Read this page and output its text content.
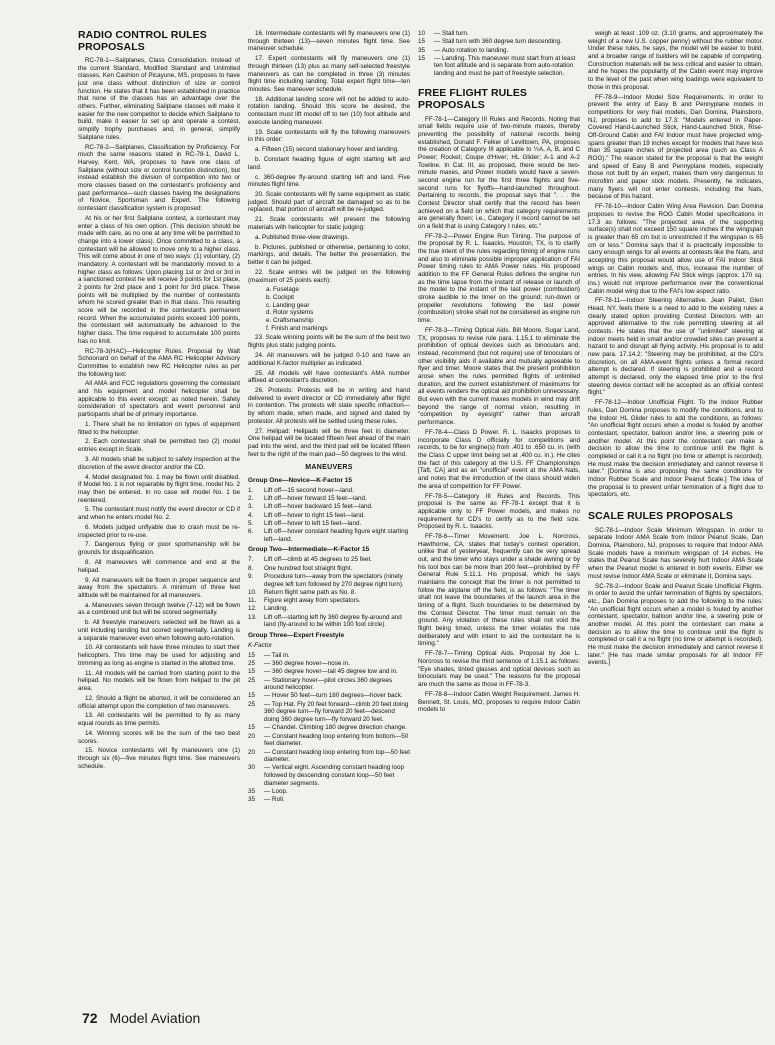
RADIO CONTROL RULES PROPOSALS

RC-78-1—Sailplanes, Class Consolidation. Instead of the current Standard, Modified Standard and Unlimited classes, Ken Cashion of Picayune, MS, proposes to have just one class without distinction of size or control function. He states that it has been established in practice that none of the classes has an advantage over the others. Further, eliminating Sailplane classes will make it easier for the new competitor to decide which Sailplane to build, make it easier to set up and operate a contest, simplify trophy purchases and, in general, simplify Sailplane rules.

RC-78-2—Sailplanes, Classification by Proficiency. For much the same reasons stated in RC-78-1, David L. Harvey, Kent, WA, proposes to have one class of Sailplane (without size or control function distinction), but instead establish the division of competition into two or more classes based on the contestant's proficiency and past performance—such classes having the designations of Novice, Sportsman and Expert. The following contestant classification system is proposed:

At his or her first Sailplane contest, a contestant may enter a class of his own option. (This decision should be made with care, as no one at any time will be permitted to change into a lower class). Once committed to a class, a contestant will be allowed to move only to a higher class. This will come about in one of two ways: (1) voluntary, (2) mandatory. A contestant will be mandatorily moved to a higher class as follows: Upon placing 1st or 2nd or 3rd in a sanctioned contest he will receive 3 points for 1st place, 2 points for 2nd place and 1 point for 3rd place. These points will be multiplied by the number of contestants whom he scored greater than in that class. This resulting score will be recorded in the contestant's permanent record. When the accumulated points exceed 100 points, the contestant will automatically be advanced to the higher class. The time required to accumulate 100 points has no limit.

RC-78-3(HAC)—Helicopter Rules. Proposal by Walt Schoonard on behalf of the AMA RC Helicopter Advisory Committee to establish new RC Helicopter rules as per the following text:

All AMA and FCC regulations governing the contestant and his equipment and model helicopter shall be applicable to this event except: as noted herein. Safety consideration of spectators and event personnel and participants shall be of primary importance.

1. There shall be no limitation on types of equipment fitted to the helicopter.

2. Each contestant shall be permitted two (2) model entries except in Scale.

3. All models shall be subject to safety inspection at the discretion of the event director and/or the CD.

4. Model designated No. 1 may be flown until disabled. If Model No. 1 is not repairable by flight time, model No. 2 may then be entered. In no case will model No. 1 be reentered.

5. The contestant must notify the event director or CD if and when he enters model No. 2.

6. Models judged unflyable due to crash must be re-inspected prior to re-use.

7. Dangerous flying or poor sportsmanship will be grounds for disqualification.

8. All maneuvers will commence and end at the helipad.

9. All maneuvers will be flown in proper sequence and away from the spectators. A minimum of three feet altitude will be maintained for all maneuvers.

a. Maneuvers seven through twelve (7-12) will be flown as a combined unit but will be scored segmentally.

b. All freestyle maneuvers selected will be flown as a unit including landing but scored segmentally. Landing is a separate maneuver even when following auto-rotation.

10. All contestants will have three minutes to start their helicopters. This time may be used for adjusting and trimming as long as engine is started in the allotted time.

11. All models will be carried from starting point to the helipad. No models will be flown from helipad to the pit area.

12. Should a flight be aborted, it will be considered an official attempt upon the completion of two maneuvers.

13. All contestants will be permitted to fly as many equal rounds as time permits.

14. Winning scores will be the sum of the two best scores.

15. Novice contestants will fly maneuvers one (1) through six (6)—five minutes flight time. See maneuvers schedule.

16. Intermediate contestants will fly maneuvers one (1) through thirteen (13)—seven minutes flight time. See maneuver schedule.

17. Expert contestants will fly maneuvers one (1) through thirteen (13) plus as many self-selected freestyle maneuvers as can be completed in three (3) minutes flight time including landing. Total expert flight time—ten minutes. See maneuver schedule.

18. Additional landing score will not be added to auto-rotation landing. Should this score be desired, the contestant must lift model off to ten (10) foot altitude and execute landing maneuver.

19. Scale contestants will fly the following maneuvers in this order:

a. Fifteen (15) second stationary hover and landing.

b. Constant heading figure of eight starting left and land.

c. 360-degree fly-around starting left and land. Five minutes flight time.

20. Scale contestants will fly same equipment as static judged. Should part of aircraft be damaged so as to be replaced, that portion of aircraft will be re-judged.

21. Scale contestants will present the following materials with helicopter for static judging:

a. Published three-view drawings.

b. Pictures, published or otherwise, pertaining to color, markings, and details. The better the presentation, the better it can be judged.

22. Scale entries will be judged on the following (maximum of 25 points each):

a. Fuselage
b. Cockpit
c. Landing gear
d. Rotor systems
e. Craftsmanship
f. Finish and markings

23. Scale winning points will be the sum of the best two flights plus static judging points.

24. All maneuvers will be judged 0-10 and have an additional K-factor multiplier as indicated.

25. All models will have contestant's AMA number affixed at contestant's discretion.

26. Protests: Protests will be in writing and hand delivered to event director or CD immediately after flight in contention. The protests will state specific infraction—by whom made, when made, and signed and dated by protestor. All protests will be settled using these rules.

27. Helipad: Helipads will be three feet in diameter. One helipad will be located fifteen feet ahead of the main pad into the wind, and the third pad will be located fifteen feet to the right of the main pad—50 degrees to the wind.

MANEUVERS
Group One—Novice—K-Factor 15
1. Lift off—15 second hover—land.
2. Lift off—hover forward 15 feet—land.
3. Lift off—hover backward 15 feet—land.
4. Lift off—hover to right 15 feet—land.
5. Lift off—hover to left 15 feet—land.
6. Lift off—hover constant heading figure eight starting left—land.
Group Two—Intermediate—K-Factor 15
7. Lift off—climb at 45 degrees to 25 feet.
8. One hundred foot straight flight.
9. Procedure turn—away from the spectators (ninety degree left turn followed by 270 degree right turn).
10. Return flight same path as No. 8.
11. Figure eight away from spectators.
12. Landing.
13. Lift off—starting left fly 360 degree fly-around and land (fly-around to be within 100 foot circle).
Group Three—Expert Freestyle

K-Factor

15 — Tail in.
25 — 360 degree hover—nose in.
15 — 360 degree hover—tail 45 degree low and in.
25 — Stationary hover—pilot circles 360 degrees around helicopter.
15 — Hover 50 feet—turn 180 degrees—hover back.
25 — Top Hat. Fly 20 feet forward—climb 20 feet doing 360 degree turn—fly forward 20 feet—descend doing 360 degree turn—fly forward 20 feet.
15 — Chandel. Climbing 180 degree direction change.
20 — Constant heading loop entering from bottom—50 feet diameter.
20 — Constant heading loop entering from top—50 feet diameter.
30 — Vertical eight. Ascending constant heading loop followed by descending constant loop—50 feet diameter segments.
35 — Loop.
35 — Roll.
10 — Stall turn.
15 — Stall turn with 360 degree turn descending.
35 — Auto rotation to landing.
15 — Landing. This maneuver must start from at least ten foot altitude and is separate from auto-rotation landing and must be part of freestyle selection.
FREE FLIGHT RULES PROPOSALS

FF-78-1—Category III Rules and Records. Noting that small fields require use of two-minute maxes, thereby preventing the possibility of national records being established, Donald F. Felker of Levittown, PA, proposes the creation of Category III applicable to ½A, A, B, and C Power; Rocket; Coupe d'Hiver; HL Glider; A-1 and A-2 Towline. In Cat. III, as proposed, there would be two-minute maxes, and Power models would have a seven-second engine run for the first three flights and five-second runs for flyoffs—hand-launched throughout. Pertaining to records, the proposal says that ". . . the Contest Director shall certify that the record has been achieved on a field on which that category requirements are generally flown; i.e., Category II record cannot be set on a field that is using Category I rules, etc."

FF-78-2—Power Engine Run Timing. The purpose of the proposal by R. L. Isaacks, Houston, TX, is to clarify the true intent of the rules regarding timing of engine runs and also to eliminate possible improper application of FAI Power timing rules to AMA Power rules. His proposed addition to the FF General Rules defines the engine run as the time lapse from the instant of release or launch of the model to the instant of the last power (combustion) stroke audible to the timer on the ground; run-down or propeller revolutions following the last power (combustion) stroke shall not be considered as engine run time.

FF-78-3—Timing Optical Aids. Bill Moore, Sugar Land, TX, proposes to revise rule para. 1.15.1 to eliminate the prohibition of optical devices such as binoculars and, instead, recommend (but not require) use of binoculars or other visibility aids if available and mutually agreeable to flyer and timer. Moore states that the present prohibition arose when the rules permitted flights of unlimited duration, and the current establishment of maximums for all events renders the optical aid prohibition unnecessary. But even with the current maxes models in wind may drift beyond the range of normal vision, resulting in "competition by eyesight" rather than aircraft performance.

FF-78-4—Class D Power. R. L. Isaacks proposes to incorporate Class D officially for competitions and records, to be for engine(s) from .401 to .650 cu. in. (with the Class C upper limit being set at .400 cu. in.). He cites the fact of this category at the U.S. FF Championships [Taft, CA] and as an "unofficial" event at the AMA Nats, and notes that the introduction of the class should widen the area of competition for FF Power.

FF-78-5—Category III Rules and Records. This proposal is the same as FF-78-1 except that it is applicable only to FF Power models, and makes no requirement for CD's to certify as to the field size. Proposed by R. L. Isaacks.

FF-78-6—Timer Movement. Joe L. Norcross, Hawthorne, CA, states that today's contest operation, unlike that of yesteryear, frequently can be very spread out, and the timer who stays under a shade awning or by his tool box can be more than 200 feet—prohibited by FF General Rule 5.11.1. His proposal, which he says maintains the concept that the timer is not permitted to follow the airplane off the field, is as follows: "The timer shall not leave the boundaries of the launch area in the timing of a flight. Such boundaries to be determined by the Contest Director. The timer must remain on the ground. Any violation of these rules shall not void the flight being timed, unless the timer violates the rule deliberately and with intent to aid the contestant he is timing."

FF-78-7—Timing Optical Aids. Proposal by Joe L. Norcross to revise the third sentence of 1.15.1 as follows: "Eye shades, tinted glasses and optical devices such as binoculars may be used." The reasons for the proposal are much the same as those in FF-78-3.

FF-78-8—Indoor Cabin Weight Requirement. James H. Bennett, St. Louis, MO, proposes to require Indoor Cabin models to

weigh at least .109 oz. (3.10 grams, and approximately the weight of a new U.S. copper penny) without the rubber motor. Under these rules, he says, the model will be easier to build, and a broader range of builders will be capable of competing. Construction materials will be less critical and easier to obtain, and he hopes the popularity of the Cabin event may improve to the level of the past when wing loadings were equivalent to those in this proposal.

FF-78-9—Indoor Model Size Requirements. In order to prevent the entry of Easy B and Pennyplane models in competitions for very frail models, Dan Domina, Plainsboro, NJ, proposes to add to 17.3: "Models entered in Paper-Covered Hand-Launched Stick, Hand-Launched Stick, Rise-Off-Ground Cabin and FAI Indoor must have projected wing-spans greater than 19 inches except for models that have less than 35 square inches of projected area (such as Class A ROG)." The reason stated for the proposal is that the weight and speed of Easy B and Pennyplane models, especially those not built by an expert, makes them very dangerous to microfilm and paper stick models. Presently, he indicates, many flyers will not enter contests, including the Nats, because of this hazard.

FF-78-10—Indoor Cabin Wing Area Revision. Dan Domina proposes to revise the ROG Cabin Model specifications in 17.3 as follows: "The projected area of the supporting surface(s) shall not exceed 150 square inches if the wingspan is greater than 65 cm but is unrestricted if the wingspan is 65 cm or less." Domina says that it is practically impossible to carry enough wings for all events at contests like the Nats, and accepting this proposal would allow use of FAI Indoor Stick wings on Cabin models and, thus, increase the number of entries. In his view, allowing FAI Stick wings (approx. 170 sq. ins.) would not improve performance over the conventional Cabin model wing due to the FAI's low aspect ratio.

FF-78-11—Indoor Steering Alternative. Jean Pailet, Glen Head, NY, feels there is a need to add to the existing rules a clearly stated option providing Contest Directors with an approved alternative to the rule permitting steering at all contests. He states that the use of "unlimited" steering at indoor meets held in small and/or crowded sites can present a hazard to and disrupt all flying activity. His proposal is to add new para. 17.14.2: "Steering may be prohibited, at the CD's discretion, on all AMA-event flights unless a formal record attempt is declared. If steering is prohibited and a record attempt is declared, only the elapsed time prior to the first steering device contact will be accepted as an official contest flight."

FF-78-12—Indoor Unofficial Flight. To the Indoor Rubber rules, Dan Domina proposes to modify the conditions, and to the Indoor HL Glider rules to add the conditions, as follows: "An unofficial flight occurs when a model is fouled by another contestant, spectator, balloon and/or line, a steering pole or another model. At this point the contestant can make a decision to allow the time to continue until the flight is completed or call it a no flight (no time or attempt is recorded). He must make the decision immediately and cannot reverse it later." [Domina is also proposing the same conditions for Indoor Rubber Scale and Indoor Peanut Scale.] The idea of the proposal is to prevent unfair termination of a flight due to spectators, etc.

SCALE RULES PROPOSALS

SC-78-1—Indoor Scale Minimum Wingspan. In order to separate Indoor AMA Scale from Indoor Peanut Scale, Dan Domina, Plainsboro, NJ, proposes to require that Indoor AMA Scale models have a minimum wingspan of 14 inches. He states that Peanut Scale has severely hurt Indoor AMA Scale when the Peanut model is entered in both events. Either we must revise Indoor AMA Scale or eliminate it, Domina says.

SC-78-2—Indoor Scale and Peanut Scale Unofficial Flights. In order to avoid the unfair termination of flights by spectators, etc., Dan Domina proposes to add the following to the rules: "An unofficial flight occurs when a model is fouled by another contestant, spectator, balloon and/or line, a steering pole or another model. At this point the contestant can make a decision as to allow the time to continue until the flight is completed or call it a no flight (no time or attempt is recorded). He must make the decision immediately and cannot reverse it later." [He has made similar proposals for all Indoor FF events.]

72 Model Aviation
